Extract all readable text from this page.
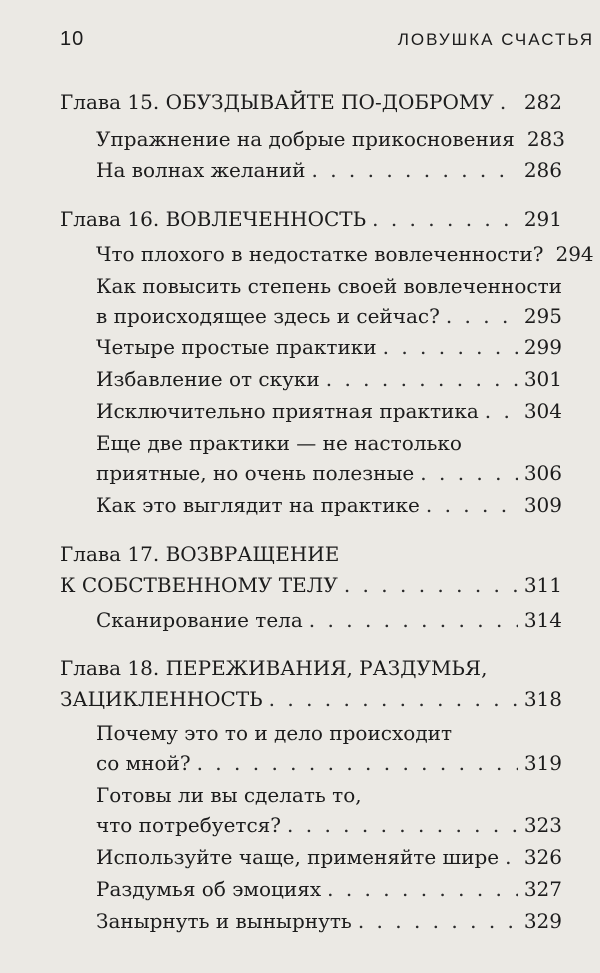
10	ЛОВУШКА СЧАСТЬЯ
Глава 15. ОБУЗДЫВАЙТЕ ПО-ДОБРОМУ . . . 282
Упражнение на добрые прикосновения 283
На волнах желаний . . .	286
Глава 16. ВОВЛЕЧЕННОСТЬ . . .	291
Что плохого в недостатке вовлеченности? 294
Как повысить степень своей вовлеченности
в происходящее здесь и сейчас? . . .	295
Четыре простые практики . . .	299
Избавление от скуки . . .	301
Исключительно приятная практика . . . 304
Еще две практики — не настолько
приятные, но очень полезные . . .	306
Как это выглядит на практике . . .	309
Глава 17. ВОЗВРАЩЕНИЕ
К СОБСТВЕННОМУ ТЕЛУ . . .	311
Сканирование тела . . .	314
Глава 18. ПЕРЕЖИВАНИЯ, РАЗДУМЬЯ,
ЗАЦИКЛЕННОСТЬ . . .	318
Почему это то и дело происходит
со мной? . . .	319
Готовы ли вы сделать то,
что потребуется? . . .	323
Используйте чаще, применяйте шире . . . 326
Раздумья об эмоциях . . .	327
Занырнуть и вынырнуть . . .	329
